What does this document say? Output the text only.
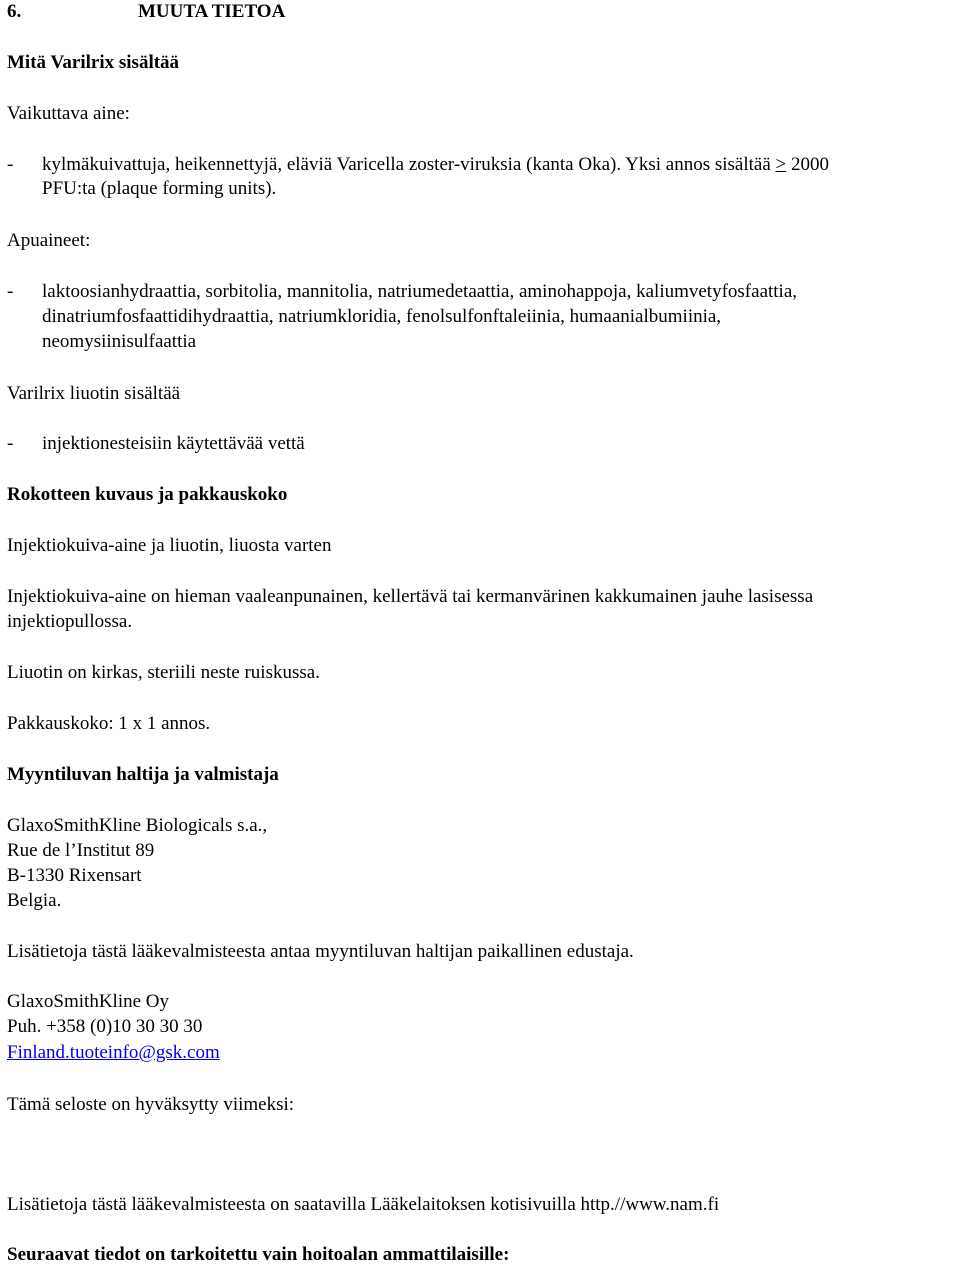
6.	MUUTA TIETOA
Mitä Varilrix sisältää
Vaikuttava aine:
- kylmäkuivattuja, heikennettyjä, eläviä Varicella zoster-viruksia (kanta Oka). Yksi annos sisältää ≥ 2000
PFU:ta (plaque forming units).
Apuaineet:
- laktoosianhydraattia, sorbitolia, mannitolia, natriumedetaattia, aminohappoja, kaliumvetyfosfaattia,
dinatriumfosfaattidihydraattia, natriumkloridia, fenolsulfonftaleiinia, humaanialbumiinia,
neomysiinisulfaattia
Varilrix liuotin sisältää
- injektionesteisiin käytettävää vettä
Rokotteen kuvaus ja pakkauskoko
Injektiokuiva-aine ja liuotin, liuosta varten
Injektiokuiva-aine on hieman vaaleanpunainen, kellertävä tai kermanvärinen kakkumainen jauhe lasisessa
injektiopullossa.
Liuotin on kirkas, steriili neste ruiskussa.
Pakkauskoko: 1 x 1 annos.
Myyntiluvan haltija ja valmistaja
GlaxoSmithKline Biologicals s.a.,
Rue de l’Institut 89
B-1330 Rixensart
Belgia.
Lisätietoja tästä lääkevalmisteesta antaa myyntiluvan haltijan paikallinen edustaja.
GlaxoSmithKline Oy
Puh. +358 (0)10 30 30 30
Finland.tuoteinfo@gsk.com
Tämä seloste on hyväksytty viimeksi:
Lisätietoja tästä lääkevalmisteesta on saatavilla Lääkelaitoksen kotisivuilla http.//www.nam.fi
Seuraavat tiedot on tarkoitettu vain hoitoalan ammattilaisille:
